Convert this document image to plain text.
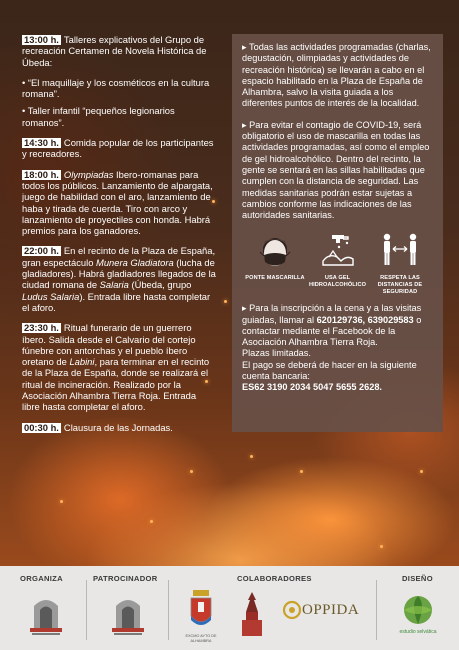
13:00 h. Talleres explicativos del Grupo de recreación Certamen de Novela Histórica de Úbeda:
• “El maquillaje y los cosméticos en la cultura romana”.
• Taller infantil “pequeños legionarios romanos”.
14:30 h. Comida popular de los participantes y recreadores.
18:00 h. Olympiadas Ibero-romanas para todos los públicos. Lanzamiento de alpargata, juego de habilidad con el aro, lanzamiento de haba y tirada de cuerda. Tiro con arco y lanzamiento de proyectiles con honda. Habrá premios para los ganadores.
22:00 h. En el recinto de la Plaza de España, gran espectáculo Munera Gladiatora (lucha de gladiadores). Habrá gladiadores llegados de la ciudad romana de Salaria (Úbeda, grupo Ludus Salaria). Entrada libre hasta completar el aforo.
23:30 h. Ritual funerario de un guerrero íbero. Salida desde el Calvario del cortejo fúnebre con antorchas y el pueblo íbero oretano de Labini, para terminar en el recinto de la Plaza de España, donde se realizará el ritual de incineración. Realizado por la Asociación Alhambra Tierra Roja. Entrada libre hasta completar el aforo.
00:30 h. Clausura de las Jornadas.
▸ Todas las actividades programadas (charlas, degustación, olimpiadas y actividades de recreación histórica) se llevarán a cabo en el espacio habilitado en la Plaza de España de Alhambra, salvo la visita guiada a los diferentes puntos de interés de la localidad.
▸ Para evitar el contagio de COVID-19, será obligatorio el uso de mascarilla en todas las actividades programadas, así como el empleo de gel hidroalcohólico. Dentro del recinto, la gente se sentará en las sillas habilitadas que cumplen con la distancia de seguridad. Las medidas sanitarias podrán estar sujetas a cambios conforme las indicaciones de las autoridades sanitarias.
PONTE MASCARILLA	USA GEL HIDROALCOHÓLICO
RESPETA LAS DISTANCIAS DE SEGURIDAD
▸ Para la inscripción a la cena y a las visitas guiadas, llamar al 620129736, 639029583 o contactar mediante el Facebook de la Asociación Alhambra Tierra Roja.
Plazas limitadas.
El pago se deberá de hacer en la siguiente cuenta bancaria:
ES62 3190 2034 5047 5655 2628.
ORGANIZA	PATROCINADOR	COLABORADORES	DISEÑO
EXCMO AYTO DE ALHAMBRA
OPPIDA
estudio selvática
